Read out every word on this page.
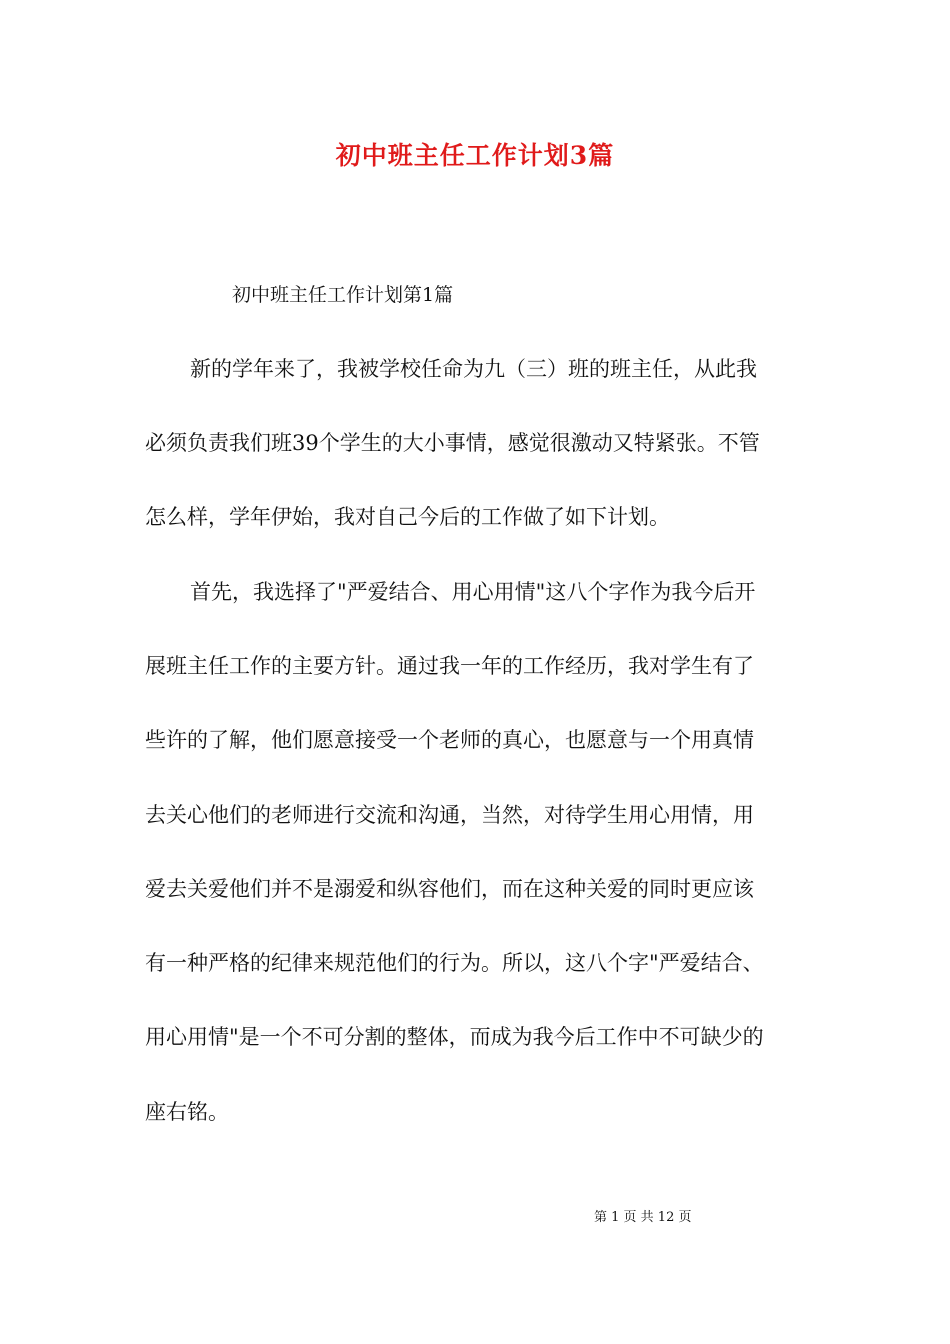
初中班主任工作计划3篇
初中班主任工作计划第1篇
新的学年来了，我被学校任命为九（三）班的班主任，从此我
必须负责我们班39个学生的大小事情，感觉很激动又特紧张。不管
怎么样，学年伊始，我对自己今后的工作做了如下计划。
首先，我选择了"严爱结合、用心用情"这八个字作为我今后开
展班主任工作的主要方针。通过我一年的工作经历，我对学生有了
些许的了解，他们愿意接受一个老师的真心，也愿意与一个用真情
去关心他们的老师进行交流和沟通，当然，对待学生用心用情，用
爱去关爱他们并不是溺爱和纵容他们，而在这种关爱的同时更应该
有一种严格的纪律来规范他们的行为。所以，这八个字"严爱结合、
用心用情"是一个不可分割的整体，而成为我今后工作中不可缺少的
座右铭。
第 1 页 共 12 页
